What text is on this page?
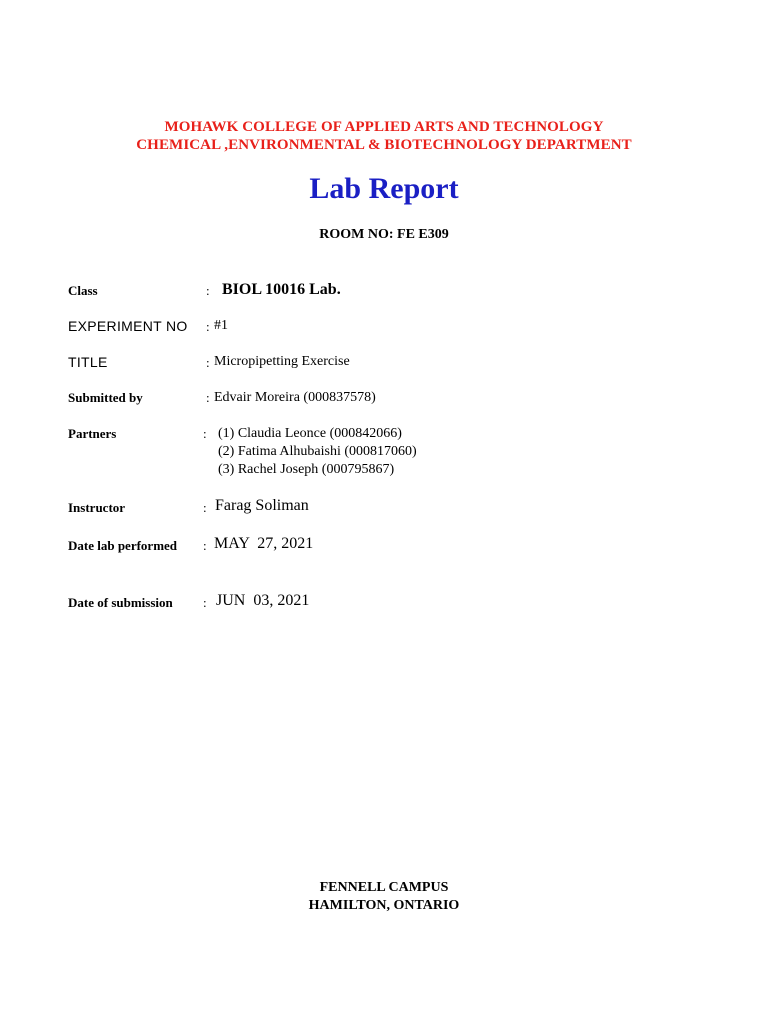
MOHAWK COLLEGE OF APPLIED ARTS AND TECHNOLOGY
CHEMICAL ,ENVIRONMENTAL & BIOTECHNOLOGY DEPARTMENT
Lab Report
ROOM NO: FE E309
Class	: BIOL 10016 Lab.
EXPERIMENT NO : #1
TITLE	: Micropipetting Exercise
Submitted by	: Edvair Moreira (000837578)
Partners	: (1) Claudia Leonce (000842066)
(2) Fatima Alhubaishi (000817060)
(3) Rachel Joseph (000795867)
Instructor	: Farag Soliman
Date lab performed : MAY  27, 2021
Date of submission : JUN  03, 2021
FENNELL CAMPUS
HAMILTON, ONTARIO
